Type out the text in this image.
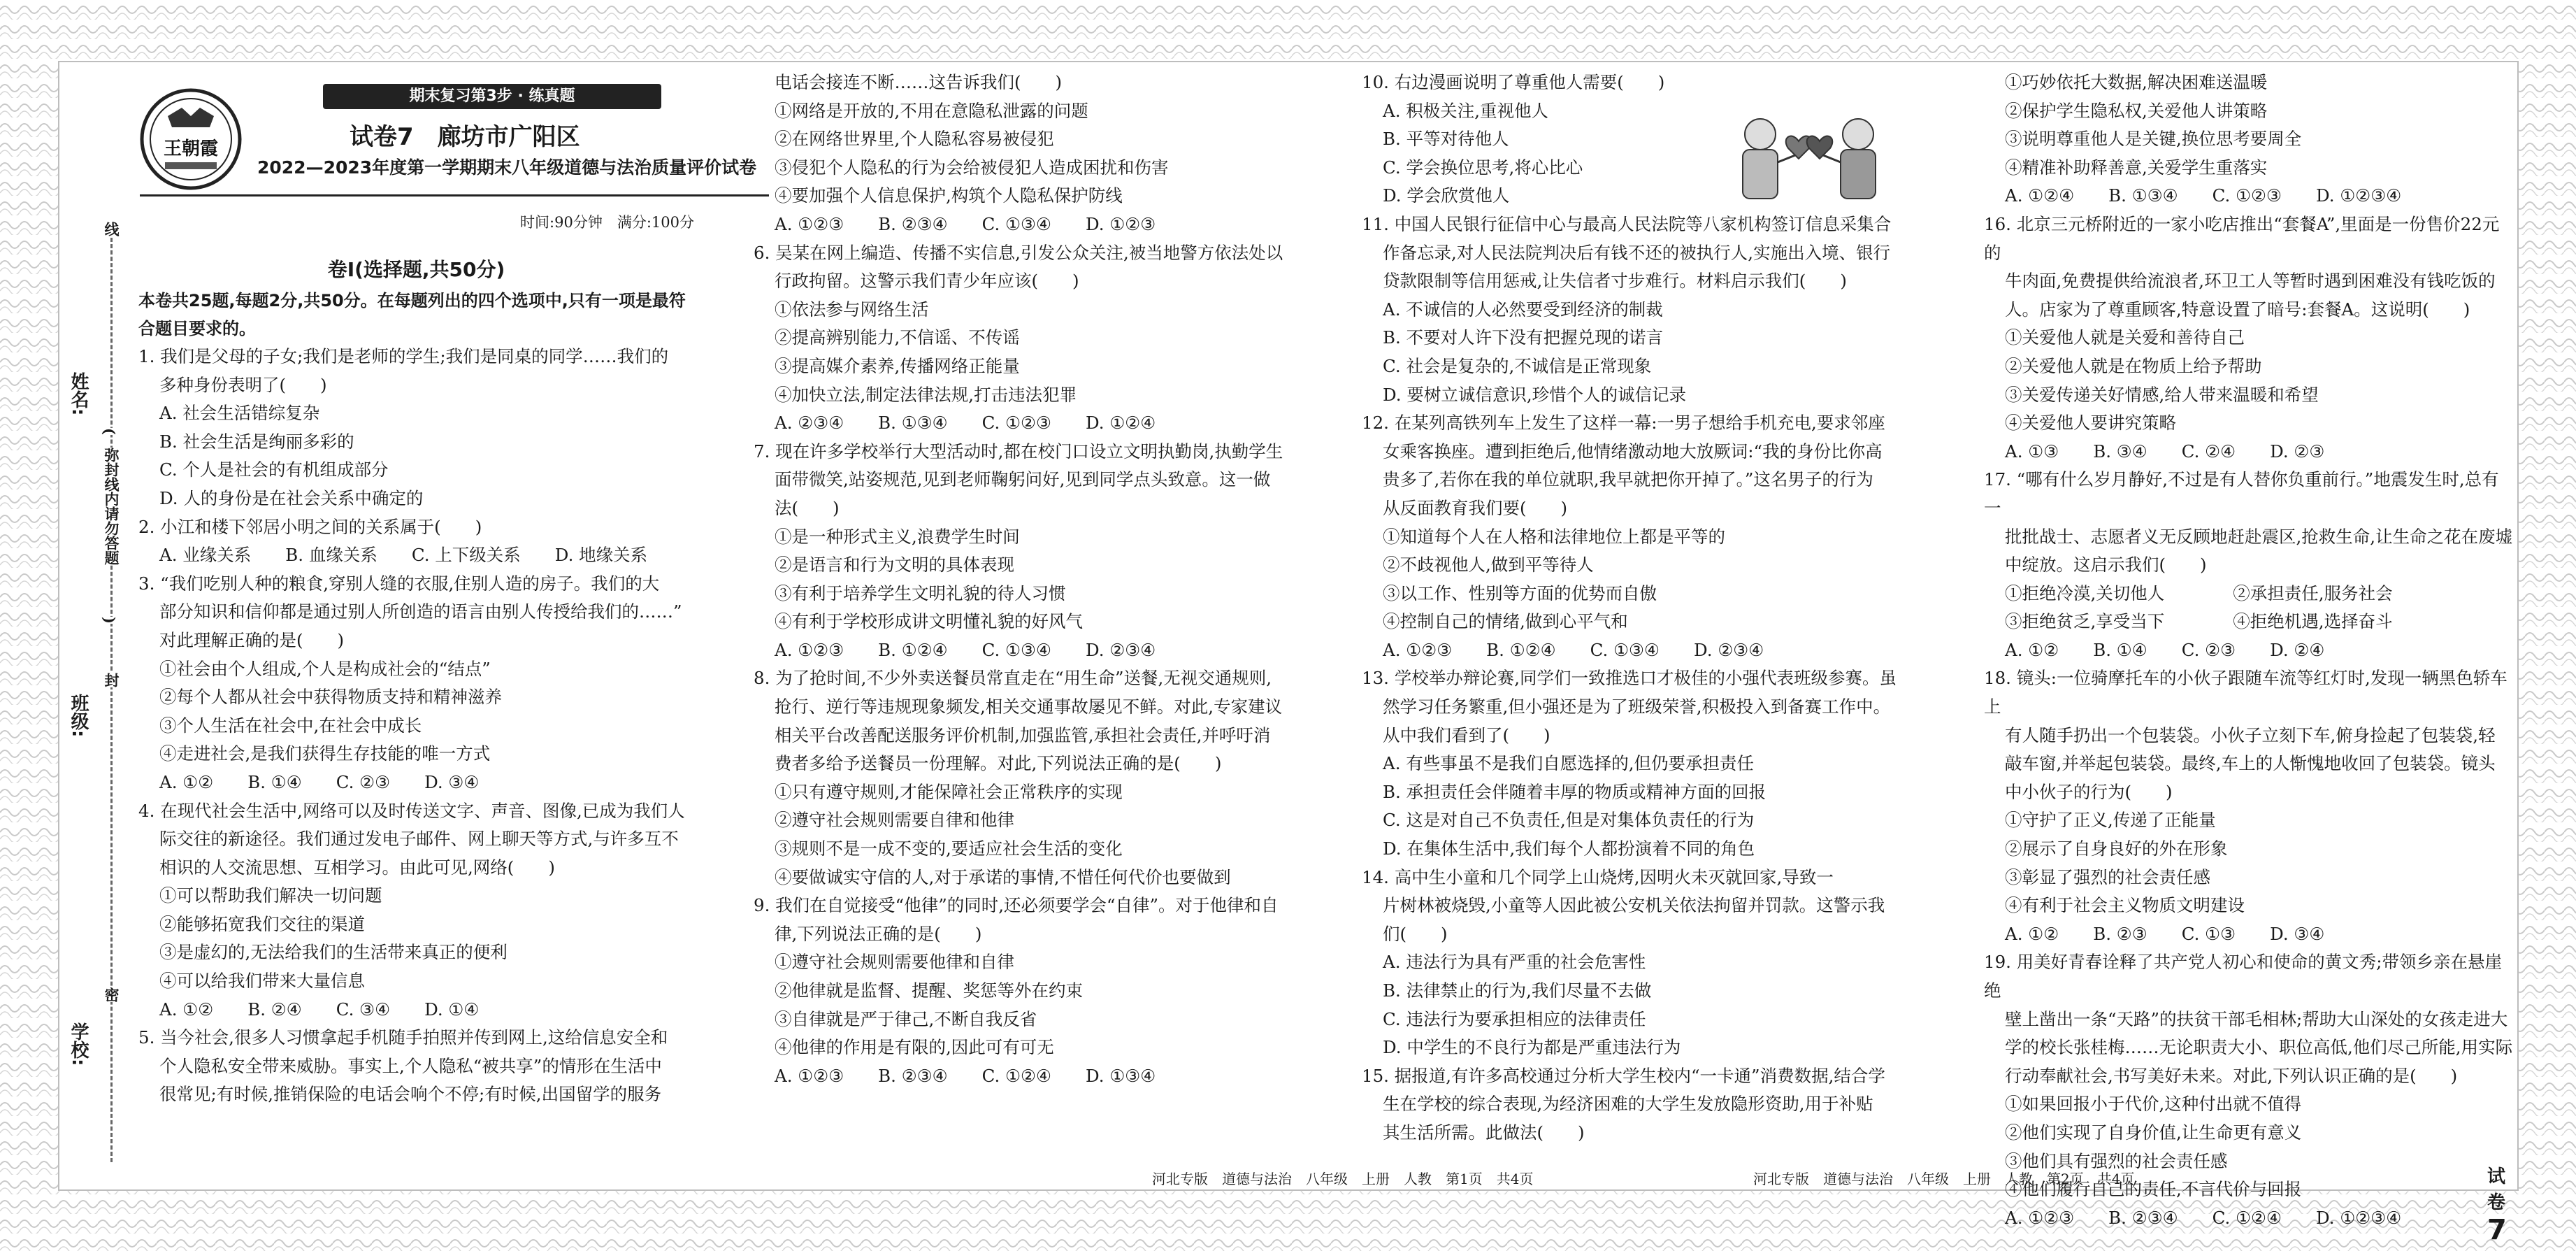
线
(
弥封线内请勿答题
)
封
密
姓名:
班级:
学校:
王朝霞
期末复习第3步 · 练真题
试卷7　廊坊市广阳区
2022—2023年度第一学期期末八年级道德与法治质量评价试卷
时间:90分钟　满分:100分
卷Ⅰ(选择题,共50分)
本卷共25题,每题2分,共50分。在每题列出的四个选项中,只有一项是最符合题目要求的。

1. 我们是父母的子女;我们是老师的学生;我们是同桌的同学……我们的

多种身份表明了(　　)

A. 社会生活错综复杂

B. 社会生活是绚丽多彩的

C. 个人是社会的有机组成部分

D. 人的身份是在社会关系中确定的

2. 小江和楼下邻居小明之间的关系属于(　　)

A. 业缘关系　　B. 血缘关系　　C. 上下级关系　　D. 地缘关系

3. “我们吃别人种的粮食,穿别人缝的衣服,住别人造的房子。我们的大

部分知识和信仰都是通过别人所创造的语言由别人传授给我们的……”

对此理解正确的是(　　)

①社会由个人组成,个人是构成社会的“结点”

②每个人都从社会中获得物质支持和精神滋养

③个人生活在社会中,在社会中成长

④走进社会,是我们获得生存技能的唯一方式

A. ①②　　B. ①④　　C. ②③　　D. ③④

4. 在现代社会生活中,网络可以及时传送文字、声音、图像,已成为我们人

际交往的新途径。我们通过发电子邮件、网上聊天等方式,与许多互不

相识的人交流思想、互相学习。由此可见,网络(　　)

①可以帮助我们解决一切问题

②能够拓宽我们交往的渠道

③是虚幻的,无法给我们的生活带来真正的便利

④可以给我们带来大量信息

A. ①②　　B. ②④　　C. ③④　　D. ①④

5. 当今社会,很多人习惯拿起手机随手拍照并传到网上,这给信息安全和

个人隐私安全带来威胁。事实上,个人隐私“被共享”的情形在生活中

很常见;有时候,推销保险的电话会响个不停;有时候,出国留学的服务

电话会接连不断……这告诉我们(　　)

①网络是开放的,不用在意隐私泄露的问题

②在网络世界里,个人隐私容易被侵犯

③侵犯个人隐私的行为会给被侵犯人造成困扰和伤害

④要加强个人信息保护,构筑个人隐私保护防线

A. ①②③　　B. ②③④　　C. ①③④　　D. ①②③

6. 吴某在网上编造、传播不实信息,引发公众关注,被当地警方依法处以

行政拘留。这警示我们青少年应该(　　)

①依法参与网络生活

②提高辨别能力,不信谣、不传谣

③提高媒介素养,传播网络正能量

④加快立法,制定法律法规,打击违法犯罪

A. ②③④　　B. ①③④　　C. ①②③　　D. ①②④

7. 现在许多学校举行大型活动时,都在校门口设立文明执勤岗,执勤学生

面带微笑,站姿规范,见到老师鞠躬问好,见到同学点头致意。这一做

法(　　)

①是一种形式主义,浪费学生时间

②是语言和行为文明的具体表现

③有利于培养学生文明礼貌的待人习惯

④有利于学校形成讲文明懂礼貌的好风气

A. ①②③　　B. ①②④　　C. ①③④　　D. ②③④

8. 为了抢时间,不少外卖送餐员常直走在“用生命”送餐,无视交通规则,

抢行、逆行等违规现象频发,相关交通事故屡见不鲜。对此,专家建议

相关平台改善配送服务评价机制,加强监管,承担社会责任,并呼吁消

费者多给予送餐员一份理解。对此,下列说法正确的是(　　)

①只有遵守规则,才能保障社会正常秩序的实现

②遵守社会规则需要自律和他律

③规则不是一成不变的,要适应社会生活的变化

④要做诚实守信的人,对于承诺的事情,不惜任何代价也要做到

9. 我们在自觉接受“他律”的同时,还必须要学会“自律”。对于他律和自

律,下列说法正确的是(　　)

①遵守社会规则需要他律和自律

②他律就是监督、提醒、奖惩等外在约束

③自律就是严于律己,不断自我反省

④他律的作用是有限的,因此可有可无

A. ①②③　　B. ②③④　　C. ①②④　　D. ①③④

10. 右边漫画说明了尊重他人需要(　　)

A. 积极关注,重视他人

B. 平等对待他人

C. 学会换位思考,将心比心

D. 学会欣赏他人

11. 中国人民银行征信中心与最高人民法院等八家机构签订信息采集合

作备忘录,对人民法院判决后有钱不还的被执行人,实施出入境、银行

贷款限制等信用惩戒,让失信者寸步难行。材料启示我们(　　)

A. 不诚信的人必然要受到经济的制裁

B. 不要对人许下没有把握兑现的诺言

C. 社会是复杂的,不诚信是正常现象

D. 要树立诚信意识,珍惜个人的诚信记录

12. 在某列高铁列车上发生了这样一幕:一男子想给手机充电,要求邻座

女乘客换座。遭到拒绝后,他情绪激动地大放厥词:“我的身份比你高

贵多了,若你在我的单位就职,我早就把你开掉了。”这名男子的行为

从反面教育我们要(　　)

①知道每个人在人格和法律地位上都是平等的

②不歧视他人,做到平等待人

③以工作、性别等方面的优势而自傲

④控制自己的情绪,做到心平气和

A. ①②③　　B. ①②④　　C. ①③④　　D. ②③④

13. 学校举办辩论赛,同学们一致推选口才极佳的小强代表班级参赛。虽

然学习任务繁重,但小强还是为了班级荣誉,积极投入到备赛工作中。

从中我们看到了(　　)

A. 有些事虽不是我们自愿选择的,但仍要承担责任

B. 承担责任会伴随着丰厚的物质或精神方面的回报

C. 这是对自己不负责任,但是对集体负责任的行为

D. 在集体生活中,我们每个人都扮演着不同的角色

14. 高中生小童和几个同学上山烧烤,因明火未灭就回家,导致一

片树林被烧毁,小童等人因此被公安机关依法拘留并罚款。这警示我

们(　　)

A. 违法行为具有严重的社会危害性

B. 法律禁止的行为,我们尽量不去做

C. 违法行为要承担相应的法律责任

D. 中学生的不良行为都是严重违法行为

15. 据报道,有许多高校通过分析大学生校内“一卡通”消费数据,结合学

生在学校的综合表现,为经济困难的大学生发放隐形资助,用于补贴

其生活所需。此做法(　　)

①巧妙依托大数据,解决困难送温暖

②保护学生隐私权,关爱他人讲策略

③说明尊重他人是关键,换位思考要周全

④精准补助释善意,关爱学生重落实

A. ①②④　　B. ①③④　　C. ①②③　　D. ①②③④

16. 北京三元桥附近的一家小吃店推出“套餐A”,里面是一份售价22元的

牛肉面,免费提供给流浪者,环卫工人等暂时遇到困难没有钱吃饭的

人。店家为了尊重顾客,特意设置了暗号:套餐A。这说明(　　)

①关爱他人就是关爱和善待自己

②关爱他人就是在物质上给予帮助

③关爱传递关好情感,给人带来温暖和希望

④关爱他人要讲究策略

A. ①③　　B. ③④　　C. ②④　　D. ②③

17. “哪有什么岁月静好,不过是有人替你负重前行。”地震发生时,总有一

批批战士、志愿者义无反顾地赶赴震区,抢救生命,让生命之花在废墟

中绽放。这启示我们(　　)

①拒绝冷漠,关切他人　　　　②承担责任,服务社会

③拒绝贫乏,享受当下　　　　④拒绝机遇,选择奋斗

A. ①②　　B. ①④　　C. ②③　　D. ②④

18. 镜头:一位骑摩托车的小伙子跟随车流等红灯时,发现一辆黑色轿车上

有人随手扔出一个包装袋。小伙子立刻下车,俯身捡起了包装袋,轻

敲车窗,并举起包装袋。最终,车上的人惭愧地收回了包装袋。镜头

中小伙子的行为(　　)

①守护了正义,传递了正能量

②展示了自身良好的外在形象

③彰显了强烈的社会责任感

④有利于社会主义物质文明建设

A. ①②　　B. ②③　　C. ①③　　D. ③④

19. 用美好青春诠释了共产党人初心和使命的黄文秀;带领乡亲在悬崖绝

壁上凿出一条“天路”的扶贫干部毛相林;帮助大山深处的女孩走进大

学的校长张桂梅……无论职责大小、职位高低,他们尽己所能,用实际

行动奉献社会,书写美好未来。对此,下列认识正确的是(　　)

①如果回报小于代价,这种付出就不值得

②他们实现了自身价值,让生命更有意义

③他们具有强烈的社会责任感

④他们履行自己的责任,不言代价与回报

A. ①②③　　B. ②③④　　C. ①②④　　D. ①②③④

河北专版　道德与法治　八年级　上册　人教　第1页　共4页	河北专版　道德与法治　八年级　上册　人教　第2页　共4页	试卷7
